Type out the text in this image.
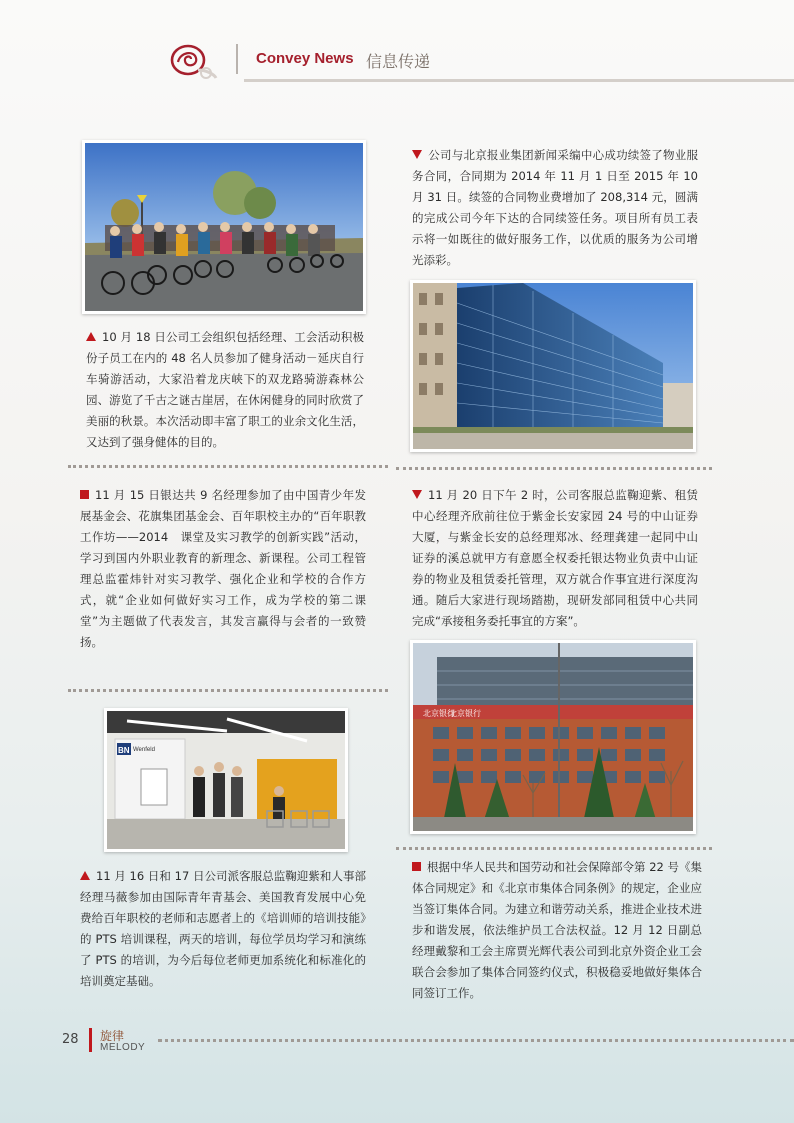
Convey News 信息传递

10 月 18 日公司工会组织包括经理、工会活动积极份子员工在内的 48 名人员参加了健身活动－延庆自行车骑游活动，大家沿着龙庆峡下的双龙路骑游森林公园、游览了千古之谜古崖居，在休闲健身的同时欣赏了美丽的秋景。本次活动即丰富了职工的业余文化生活，又达到了强身健体的目的。

11 月 15 日银达共 9 名经理参加了由中国青少年发展基金会、花旗集团基金会、百年职校主办的“百年职教工作坊——2014　课堂及实习教学的创新实践”活动，学习到国内外职业教育的新理念、新课程。公司工程管理总监霍炜针对实习教学、强化企业和学校的合作方式，就“企业如何做好实习工作，成为学校的第二课堂”为主题做了代表发言，其发言赢得与会者的一致赞扬。

BN Wenfeld

11 月 16 日和 17 日公司派客服总监鞠迎紫和人事部经理马薇参加由国际青年青基会、美国教育发展中心免费给百年职校的老师和志愿者上的《培训师的培训技能》的 PTS 培训课程，两天的培训，每位学员均学习和演练了 PTS 的培训，为今后每位老师更加系统化和标准化的培训奠定基础。

公司与北京报业集团新闻采编中心成功续签了物业服务合同，合同期为 2014 年 11 月 1 日至 2015 年 10 月 31 日。续签的合同物业费增加了 208,314 元，圆满的完成公司今年下达的合同续签任务。项目所有员工表示将一如既往的做好服务工作，以优质的服务为公司增光添彩。

11 月 20 日下午 2 时，公司客服总监鞠迎紫、租赁中心经理齐欣前往位于紫金长安家园 24 号的中山证券大厦，与紫金长安的总经理郑冰、经理龚建一起同中山证券的溪总就甲方有意愿全权委托银达物业负责中山证券的物业及租赁委托管理，双方就合作事宜进行深度沟通。随后大家进行现场踏勘，现研发部同租赁中心共同完成“承接租务委托事宜的方案”。

北京银行
北京银行

根据中华人民共和国劳动和社会保障部令第 22 号《集体合同规定》和《北京市集体合同条例》的规定，企业应当签订集体合同。为建立和谐劳动关系，推进企业技术进步和谐发展，依法维护员工合法权益。12 月 12 日副总经理戴黎和工会主席贾光辉代表公司到北京外资企业工会联合会参加了集体合同签约仪式，积极稳妥地做好集体合同签订工作。

28 旋律
MELODY
